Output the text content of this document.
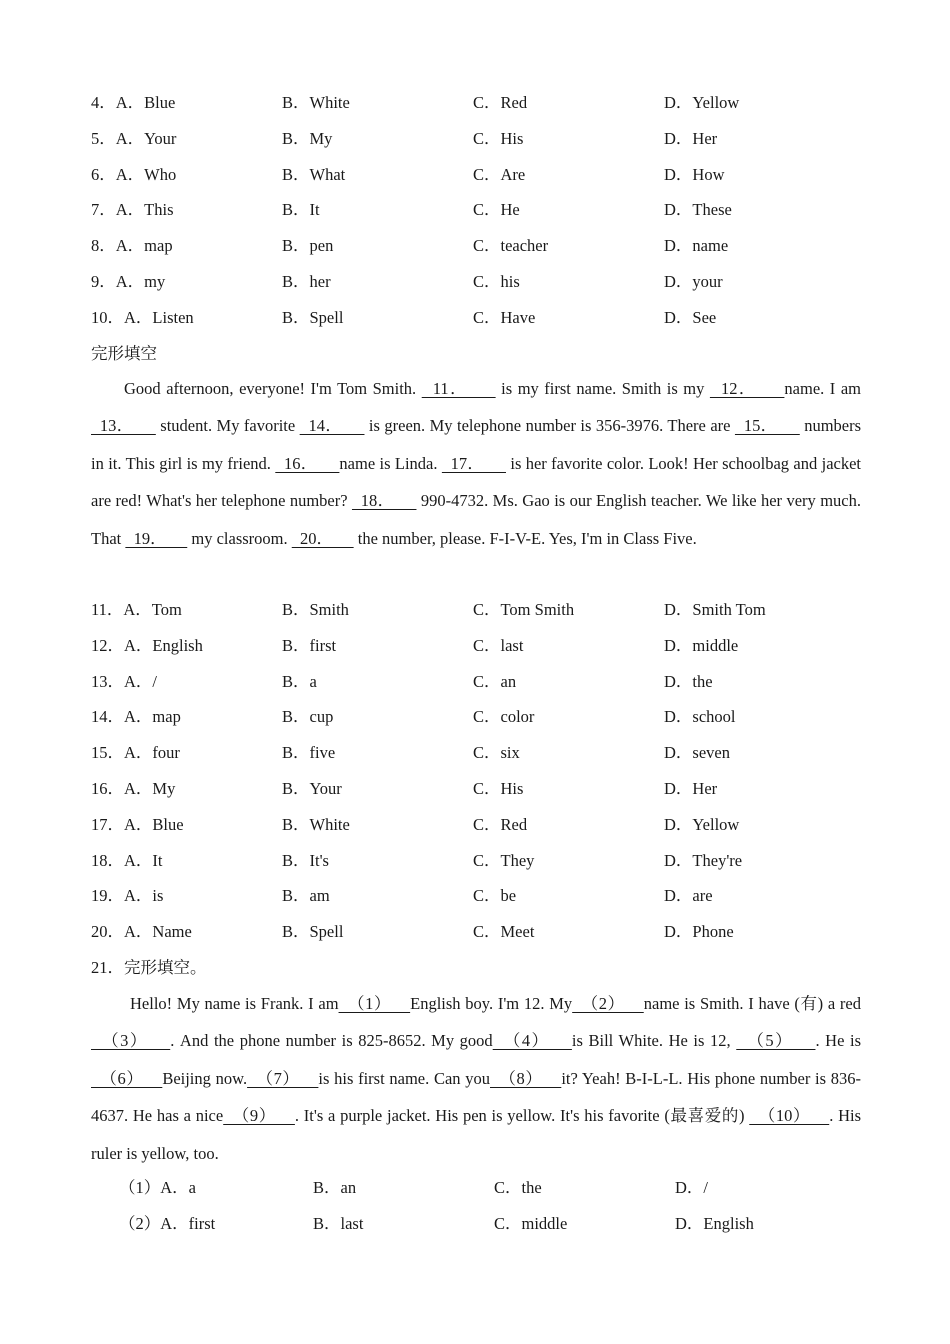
4．A．Blue	B．White	C．Red	D．Yellow
5．A．Your	B．My	C．His	D．Her
6．A．Who	B．What	C．Are	D．How
7．A．This	B．It	C．He	D．These
8．A．map	B．pen	C．teacher	D．name
9．A．my	B．her	C．his	D．your
10．A．Listen	B．Spell	C．Have	D．See
完形填空

Good afternoon, everyone! I'm Tom Smith.   11．      is my first name. Smith is my   12．     name. I am   13．      student. My favorite   14．      is green. My telephone number is 356-3976. There are   15．      numbers in it. This girl is my friend.   16．     name is Linda.   17．      is her favorite color. Look! Her schoolbag and jacket are red! What's her telephone number?   18．      990-4732. Ms. Gao is our English teacher. We like her very much. That   19．      my classroom.   20．      the number, please. F-I-V-E. Yes, I'm in Class Five.

11．A．Tom	B．Smith	C．Tom Smith	D．Smith Tom
12．A．English	B．first	C．last	D．middle
13．A．/	B．a	C．an	D．the
14．A．map	B．cup	C．color	D．school
15．A．four	B．five	C．six	D．seven
16．A．My	B．Your	C．His	D．Her
17．A．Blue	B．White	C．Red	D．Yellow
18．A．It	B．It's	C．They	D．They're
19．A．is	B．am	C．be	D．are
20．A．Name	B．Spell	C．Meet	D．Phone
21．完形填空。

Hello! My name is Frank. I am  （1）    English boy. I'm 12. My  （2）    name is Smith. I have (有) a red  （3）    . And the phone number is 825-8652. My good  （4）    is Bill White. He is 12,   （5）    . He is  （6）    Beijing now.  （7）    is his first name. Can you  （8）    it? Yeah! B-I-L-L. His phone number is 836-4637. He has a nice  （9）    . It's a purple jacket. His pen is yellow. It's his favorite (最喜爱的)   （10）    . His ruler is yellow, too.

（1）A．a	B．an	C．the	D．/
（2）A．first	B．last	C．middle	D．English
